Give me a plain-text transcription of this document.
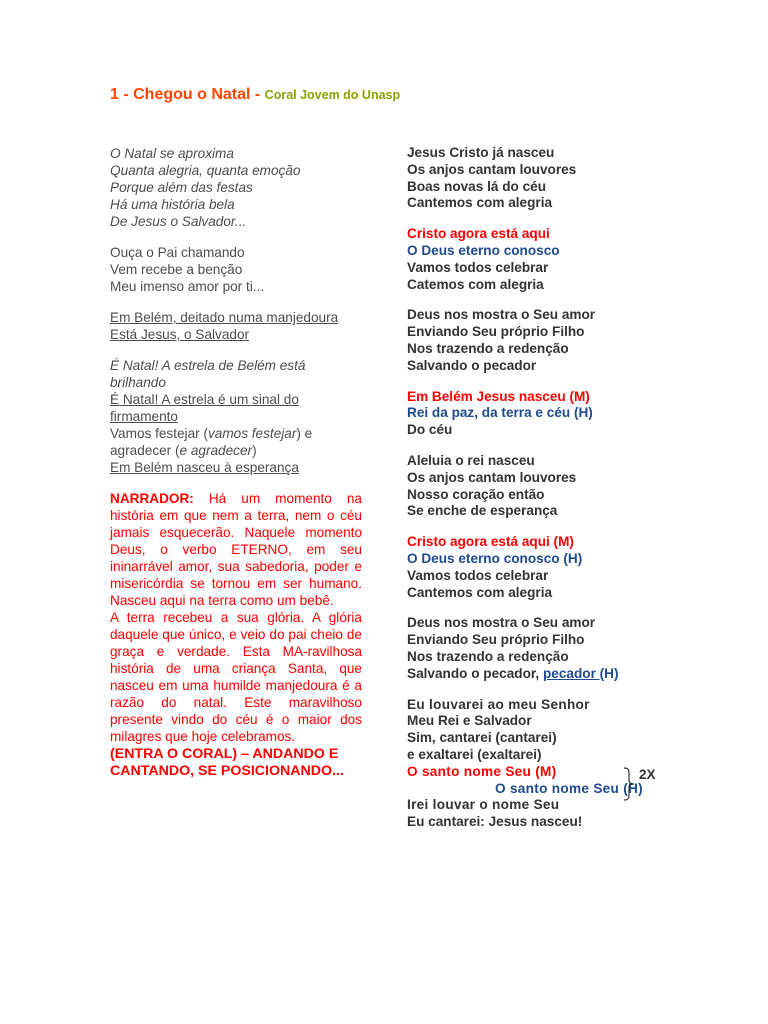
1 - Chegou o Natal - Coral Jovem do Unasp
O Natal se aproxima
Quanta alegria, quanta emoção
Porque além das festas
Há uma história bela
De Jesus o Salvador...
Ouça o Pai chamando
Vem recebe a benção
Meu imenso amor por ti...
Em Belém, deitado numa manjedoura
Está Jesus, o Salvador
É Natal! A estrela de Belém está brilhando
É Natal! A estrela é um sinal do firmamento
Vamos festejar (vamos festejar) e agradecer (e agradecer)
Em Belém nasceu à esperança
NARRADOR: Há um momento na história em que nem a terra, nem o céu jamais esquecerão. Naquele momento Deus, o verbo ETERNO, em seu ininarrável amor, sua sabedoria, poder e misericórdia se tornou em ser humano. Nasceu aqui na terra como um bebê.
A terra recebeu a sua glória. A glória daquele que único, e veio do pai cheio de graça e verdade. Esta MA-ravilhosa história de uma criança Santa, que nasceu em uma humilde manjedoura é a razão do natal. Este maravilhoso presente vindo do céu é o maior dos milagres que hoje celebramos.
(ENTRA O CORAL) – ANDANDO E CANTANDO, SE POSICIONANDO...
Jesus Cristo já nasceu
Os anjos cantam louvores
Boas novas lá do céu
Cantemos com alegria
Cristo agora está aqui
O Deus eterno conosco
Vamos todos celebrar
Catemos com alegria
Deus nos mostra o Seu amor
Enviando Seu próprio Filho
Nos trazendo a redenção
Salvando o pecador
Em Belém Jesus nasceu (M)
Rei da paz, da terra e céu (H)
Do céu
Aleluia o rei nasceu
Os anjos cantam louvores
Nosso coração então
Se enche de esperança
Cristo agora está aqui (M)
O Deus eterno conosco (H)
Vamos todos celebrar
Cantemos com alegria
Deus nos mostra o Seu amor
Enviando Seu próprio Filho
Nos trazendo a redenção
Salvando o pecador, pecador (H)
Eu louvarei ao meu Senhor
Meu Rei e Salvador
Sim, cantarei (cantarei)
e exaltarei (exaltarei)
O santo nome Seu (M)
O santo nome Seu (H)
Irei louvar o nome Seu
Eu cantarei: Jesus nasceu!
2X
